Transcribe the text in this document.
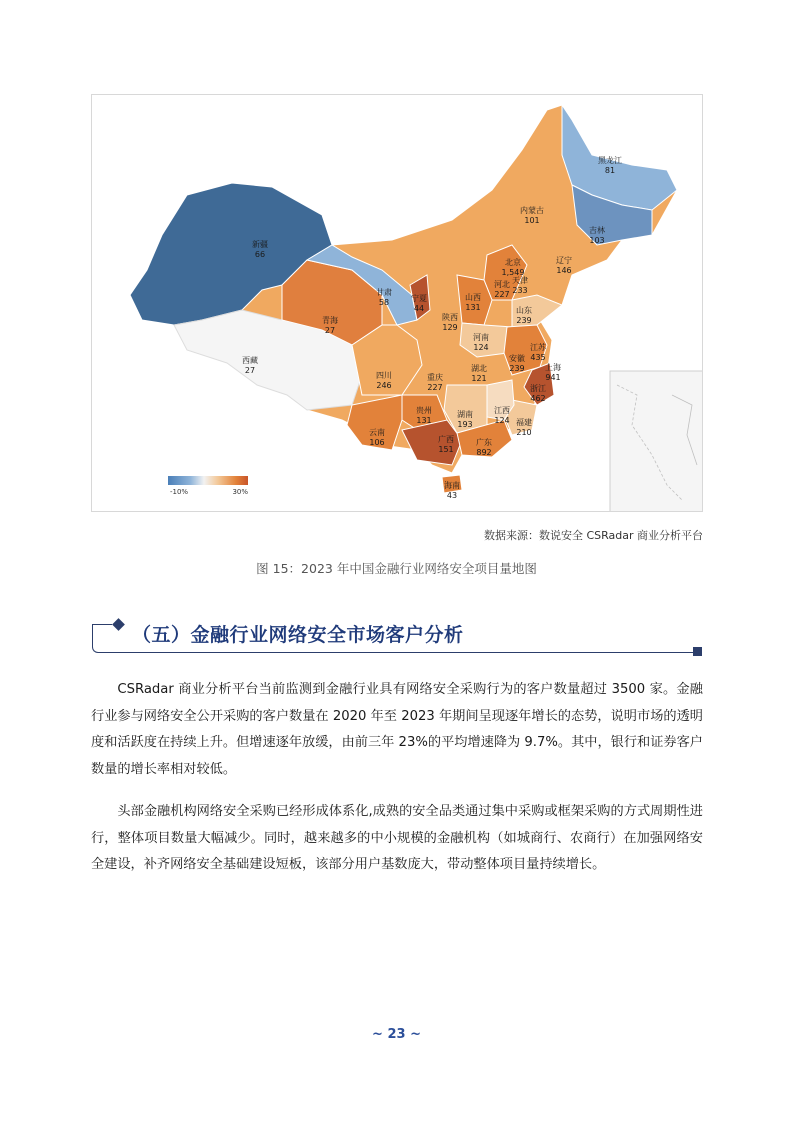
新疆
66
西藏
27
青海
27
甘肃
58	宁夏
44
内蒙古
101
黑龙江
81
吉林
103
辽宁
146
北京
1,549
天津
233
河北
227
山西
131
陕西
129
山东
239
河南
124	江苏
435
安徽
239	上海
941
湖北
121
四川
246
重庆
227	浙江
462
贵州
131
湖南
193
江西
124 福建
210
云南
106	广西
151
广东
892
海南
43
-10%	30%
数据来源：数说安全 CSRadar 商业分析平台
图 15：2023 年中国金融行业网络安全项目量地图
（五）金融行业网络安全市场客户分析

CSRadar 商业分析平台当前监测到金融行业具有网络安全采购行为的客户数量超过 3500 家。金融行业参与网络安全公开采购的客户数量在 2020 年至 2023 年期间呈现逐年增长的态势，说明市场的透明度和活跃度在持续上升。但增速逐年放缓，由前三年 23%的平均增速降为 9.7%。其中，银行和证券客户数量的增长率相对较低。

头部金融机构网络安全采购已经形成体系化,成熟的安全品类通过集中采购或框架采购的方式周期性进行，整体项目数量大幅减少。同时，越来越多的中小规模的金融机构（如城商行、农商行）在加强网络安全建设，补齐网络安全基础建设短板，该部分用户基数庞大，带动整体项目量持续增长。

~ 23 ~
